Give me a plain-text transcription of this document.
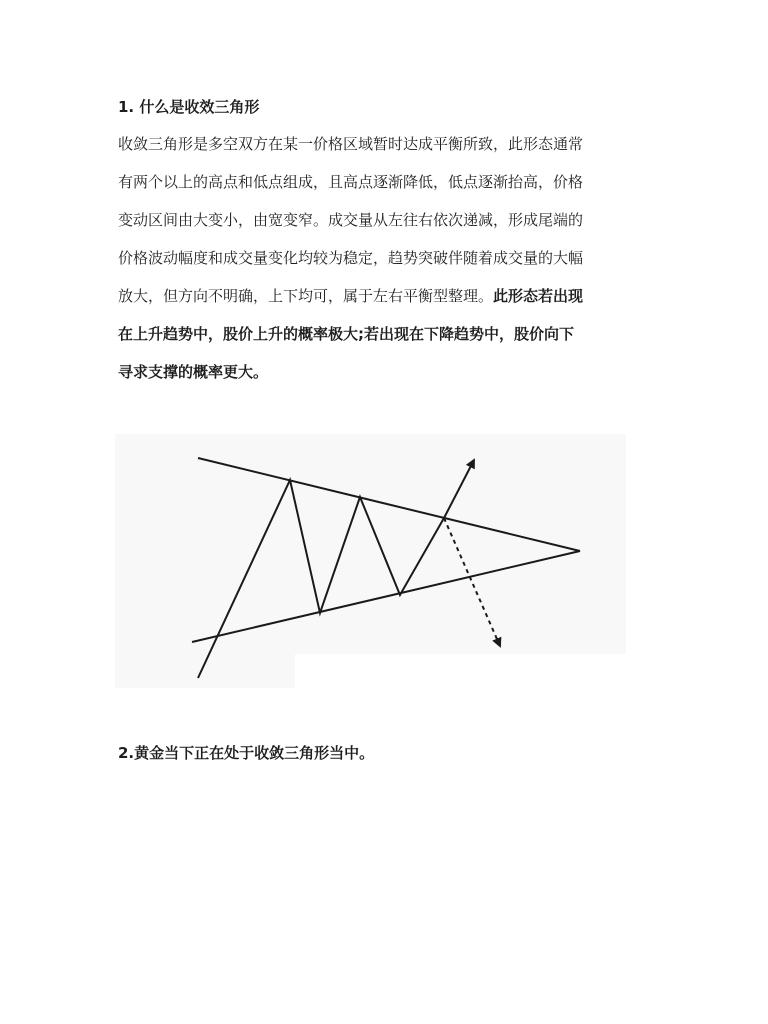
1. 什么是收效三角形
收敛三角形是多空双方在某一价格区域暂时达成平衡所致，此形态通常
有两个以上的高点和低点组成，且高点逐渐降低，低点逐渐抬高，价格
变动区间由大变小，由宽变窄。成交量从左往右依次递减，形成尾端的
价格波动幅度和成交量变化均较为稳定，趋势突破伴随着成交量的大幅
放大，但方向不明确，上下均可，属于左右平衡型整理。此形态若出现
在上升趋势中，股价上升的概率极大;若出现在下降趋势中，股价向下
寻求支撑的概率更大。
2.黄金当下正在处于收敛三角形当中。
